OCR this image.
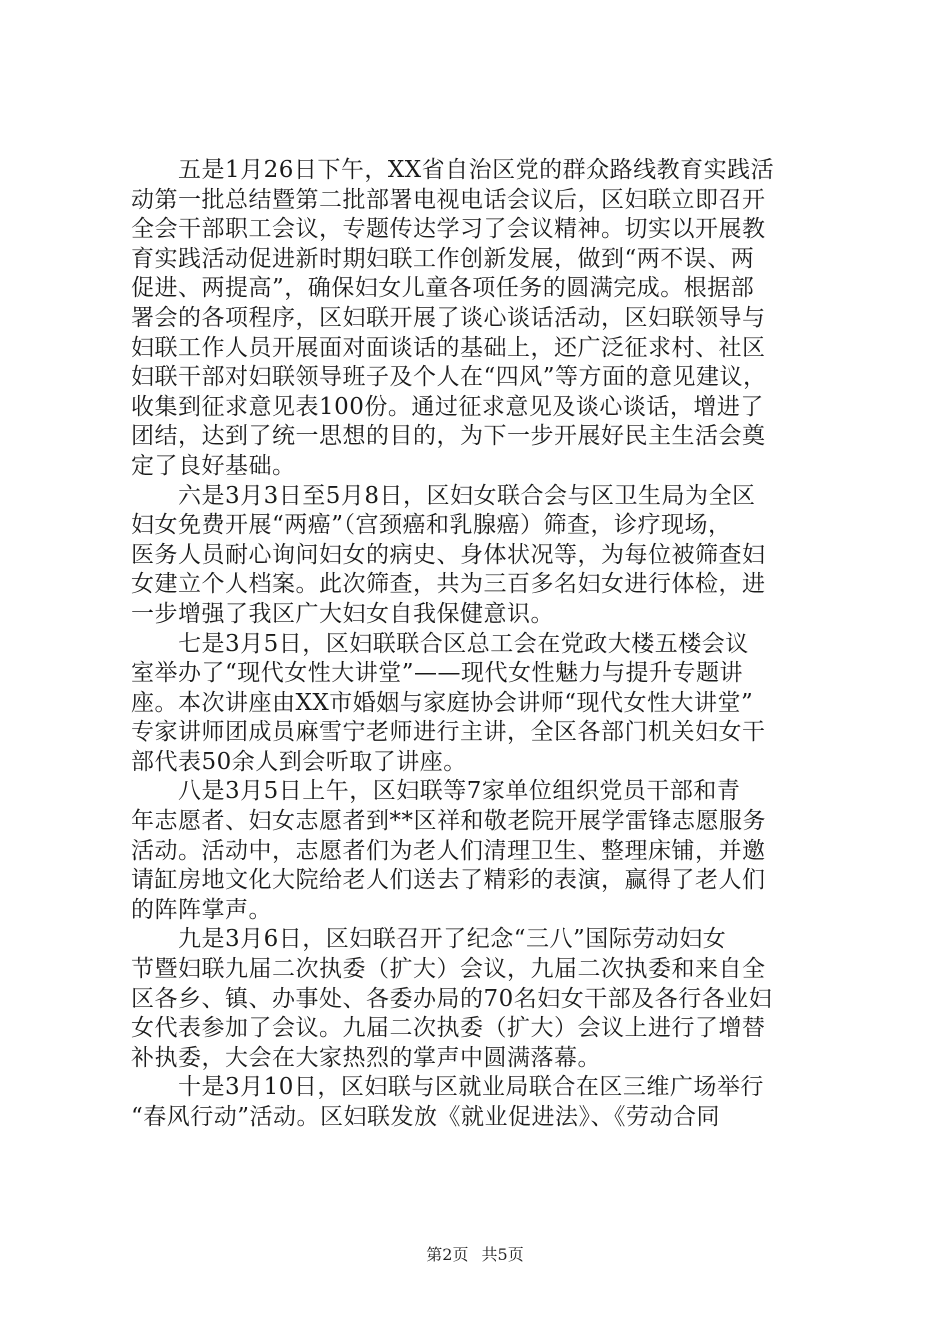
　　五是1月26日下午，XX省自治区党的群众路线教育实践活
动第一批总结暨第二批部署电视电话会议后，区妇联立即召开
全会干部职工会议，专题传达学习了会议精神。切实以开展教
育实践活动促进新时期妇联工作创新发展，做到“两不误、两
促进、两提高”，确保妇女儿童各项任务的圆满完成。根据部
署会的各项程序，区妇联开展了谈心谈话活动，区妇联领导与
妇联工作人员开展面对面谈话的基础上，还广泛征求村、社区
妇联干部对妇联领导班子及个人在“四风”等方面的意见建议，
收集到征求意见表100份。通过征求意见及谈心谈话，增进了
团结，达到了统一思想的目的，为下一步开展好民主生活会奠
定了良好基础。

　　六是3月3日至5月8日，区妇女联合会与区卫生局为全区
妇女免费开展“两癌”（宫颈癌和乳腺癌）筛查，诊疗现场，
医务人员耐心询问妇女的病史、身体状况等，为每位被筛查妇
女建立个人档案。此次筛查，共为三百多名妇女进行体检，进
一步增强了我区广大妇女自我保健意识。

　　七是3月5日，区妇联联合区总工会在党政大楼五楼会议
室举办了“现代女性大讲堂”——现代女性魅力与提升专题讲
座。本次讲座由XX市婚姻与家庭协会讲师“现代女性大讲堂”
专家讲师团成员麻雪宁老师进行主讲，全区各部门机关妇女干
部代表50余人到会听取了讲座。

　　八是3月5日上午，区妇联等7家单位组织党员干部和青
年志愿者、妇女志愿者到**区祥和敬老院开展学雷锋志愿服务
活动。活动中，志愿者们为老人们清理卫生、整理床铺，并邀
请缸房地文化大院给老人们送去了精彩的表演，赢得了老人们
的阵阵掌声。

　　九是3月6日，区妇联召开了纪念“三八”国际劳动妇女
节暨妇联九届二次执委（扩大）会议，九届二次执委和来自全
区各乡、镇、办事处、各委办局的70名妇女干部及各行各业妇
女代表参加了会议。九届二次执委（扩大）会议上进行了增替
补执委，大会在大家热烈的掌声中圆满落幕。

　　十是3月10日，区妇联与区就业局联合在区三维广场举行
“春风行动”活动。区妇联发放《就业促进法》、《劳动合同

第2页 共5页
